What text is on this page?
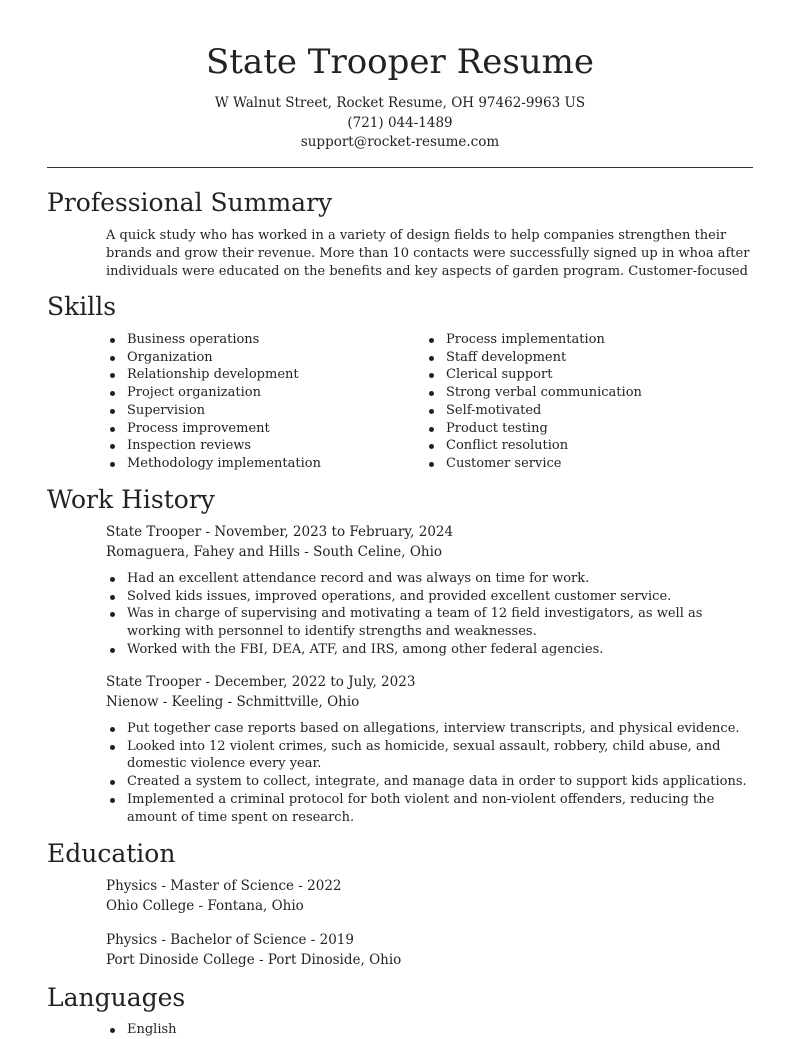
State Trooper Resume
W Walnut Street, Rocket Resume, OH 97462-9963 US
(721) 044-1489
support@rocket-resume.com
Professional Summary
A quick study who has worked in a variety of design fields to help companies strengthen their brands and grow their revenue. More than 10 contacts were successfully signed up in whoa after individuals were educated on the benefits and key aspects of garden program. Customer-focused
Skills
Business operations
Organization
Relationship development
Project organization
Supervision
Process improvement
Inspection reviews
Methodology implementation
Process implementation
Staff development
Clerical support
Strong verbal communication
Self-motivated
Product testing
Conflict resolution
Customer service
Work History
State Trooper - November, 2023 to February, 2024
Romaguera, Fahey and Hills - South Celine, Ohio
Had an excellent attendance record and was always on time for work.
Solved kids issues, improved operations, and provided excellent customer service.
Was in charge of supervising and motivating a team of 12 field investigators, as well as working with personnel to identify strengths and weaknesses.
Worked with the FBI, DEA, ATF, and IRS, among other federal agencies.
State Trooper - December, 2022 to July, 2023
Nienow - Keeling - Schmittville, Ohio
Put together case reports based on allegations, interview transcripts, and physical evidence.
Looked into 12 violent crimes, such as homicide, sexual assault, robbery, child abuse, and domestic violence every year.
Created a system to collect, integrate, and manage data in order to support kids applications.
Implemented a criminal protocol for both violent and non-violent offenders, reducing the amount of time spent on research.
Education
Physics - Master of Science - 2022
Ohio College - Fontana, Ohio
Physics - Bachelor of Science - 2019
Port Dinoside College - Port Dinoside, Ohio
Languages
English
